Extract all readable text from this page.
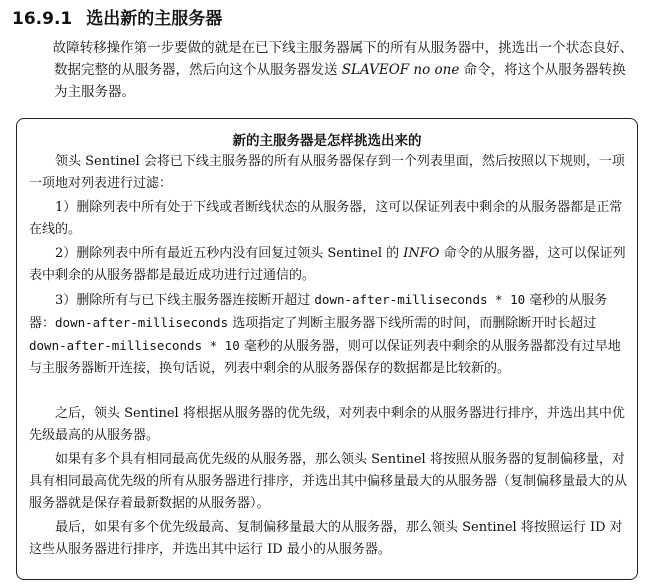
16.9.1 选出新的主服务器

故障转移操作第一步要做的就是在已下线主服务器属下的所有从服务器中，挑选出一个状态良好、数据完整的从服务器，然后向这个从服务器发送 SLAVEOF no one 命令，将这个从服务器转换为主服务器。

新的主服务器是怎样挑选出来的

领头 Sentinel 会将已下线主服务器的所有从服务器保存到一个列表里面，然后按照以下规则，一项一项地对列表进行过滤：

1）删除列表中所有处于下线或者断线状态的从服务器，这可以保证列表中剩余的从服务器都是正常在线的。

2）删除列表中所有最近五秒内没有回复过领头 Sentinel 的 INFO 命令的从服务器，这可以保证列表中剩余的从服务器都是最近成功进行过通信的。

3）删除所有与已下线主服务器连接断开超过 down-after-milliseconds * 10 毫秒的从服务器：down-after-milliseconds 选项指定了判断主服务器下线所需的时间，而删除断开时长超过 down-after-milliseconds * 10 毫秒的从服务器，则可以保证列表中剩余的从服务器都没有过早地与主服务器断开连接，换句话说，列表中剩余的从服务器保存的数据都是比较新的。

之后，领头 Sentinel 将根据从服务器的优先级，对列表中剩余的从服务器进行排序，并选出其中优先级最高的从服务器。

如果有多个具有相同最高优先级的从服务器，那么领头 Sentinel 将按照从服务器的复制偏移量，对具有相同最高优先级的所有从服务器进行排序，并选出其中偏移量最大的从服务器（复制偏移量最大的从服务器就是保存着最新数据的从服务器）。

最后，如果有多个优先级最高、复制偏移量最大的从服务器，那么领头 Sentinel 将按照运行 ID 对这些从服务器进行排序，并选出其中运行 ID 最小的从服务器。
